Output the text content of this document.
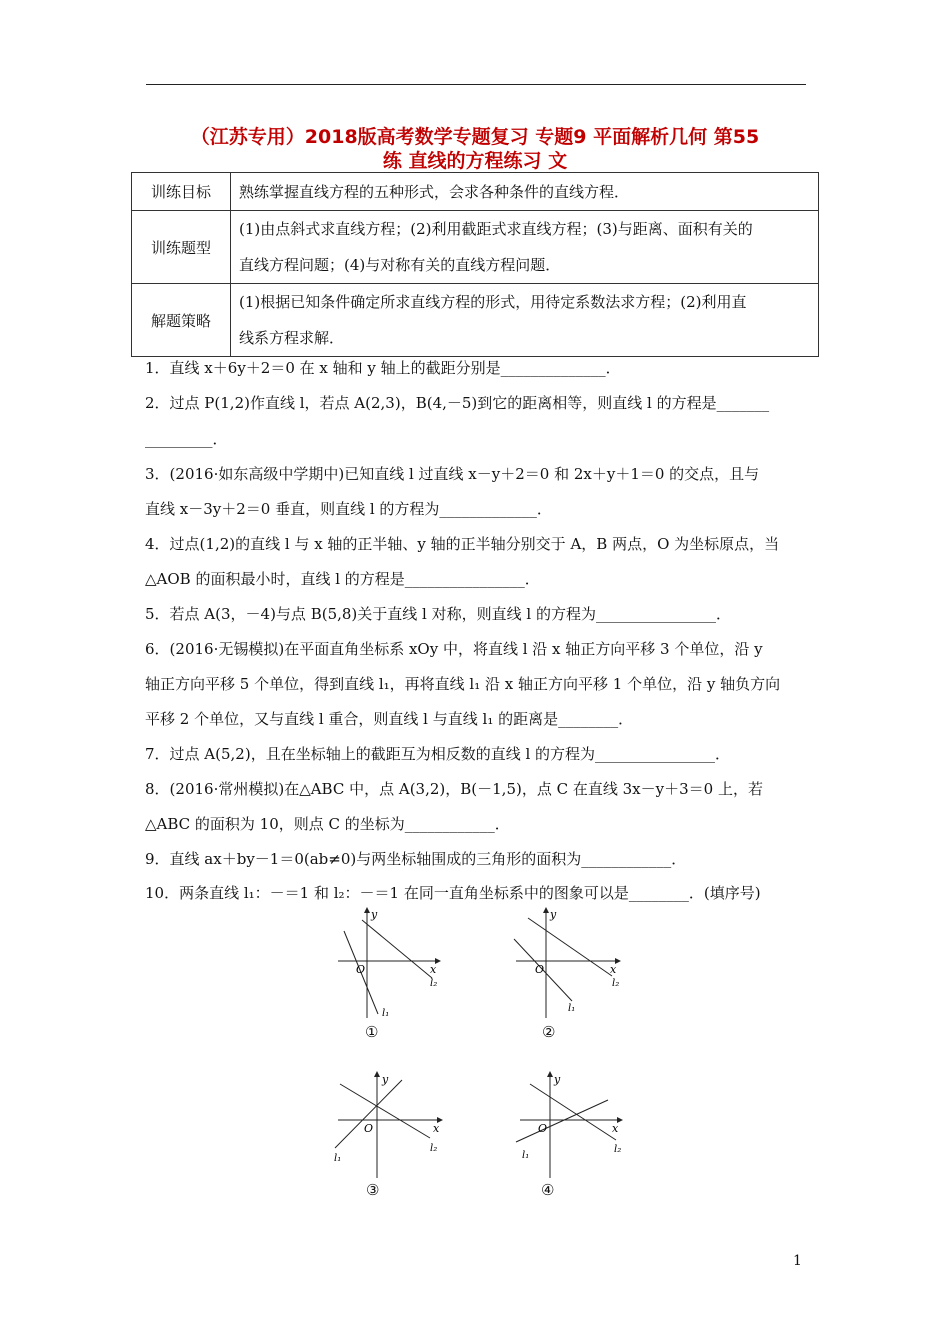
（江苏专用）2018版高考数学专题复习 专题9 平面解析几何 第55
练 直线的方程练习 文
训练目标	熟练掌握直线方程的五种形式，会求各种条件的直线方程．
训练题型	(1)由点斜式求直线方程；(2)利用截距式求直线方程；(3)与距离、面积有关的
直线方程问题；(4)与对称有关的直线方程问题．
解题策略	(1)根据已知条件确定所求直线方程的形式，用待定系数法求方程；(2)利用直
线系方程求解．
1．直线 x＋6y＋2＝0 在 x 轴和 y 轴上的截距分别是______________．
2．过点 P(1,2)作直线 l，若点 A(2,3)，B(4,－5)到它的距离相等，则直线 l 的方程是_______
_________．
3．(2016·如东高级中学期中)已知直线 l 过直线 x－y＋2＝0 和 2x＋y＋1＝0 的交点，且与
直线 x－3y＋2＝0 垂直，则直线 l 的方程为_____________．
4．过点(1,2)的直线 l 与 x 轴的正半轴、y 轴的正半轴分别交于 A，B 两点，O 为坐标原点，当
△AOB 的面积最小时，直线 l 的方程是________________．
5．若点 A(3，－4)与点 B(5,8)关于直线 l 对称，则直线 l 的方程为________________．
6．(2016·无锡模拟)在平面直角坐标系 xOy 中，将直线 l 沿 x 轴正方向平移 3 个单位，沿 y
轴正方向平移 5 个单位，得到直线 l₁，再将直线 l₁ 沿 x 轴正方向平移 1 个单位，沿 y 轴负方向
平移 2 个单位，又与直线 l 重合，则直线 l 与直线 l₁ 的距离是________．
7．过点 A(5,2)，且在坐标轴上的截距互为相反数的直线 l 的方程为________________．
8．(2016·常州模拟)在△ABC 中，点 A(3,2)，B(－1,5)，点 C 在直线 3x－y＋3＝0 上，若
△ABC 的面积为 10，则点 C 的坐标为____________．
9．直线 ax＋by－1＝0(ab≠0)与两坐标轴围成的三角形的面积为____________．
10．两条直线 l₁：－＝1 和 l₂：－＝1 在同一直角坐标系中的图象可以是________．(填序号)
y
x
O
l₁
l₂
①
y
x
O
l₁
l₂
②
y
x
O
l₁
l₂
③
y
x
O
l₁
l₂
④
1
